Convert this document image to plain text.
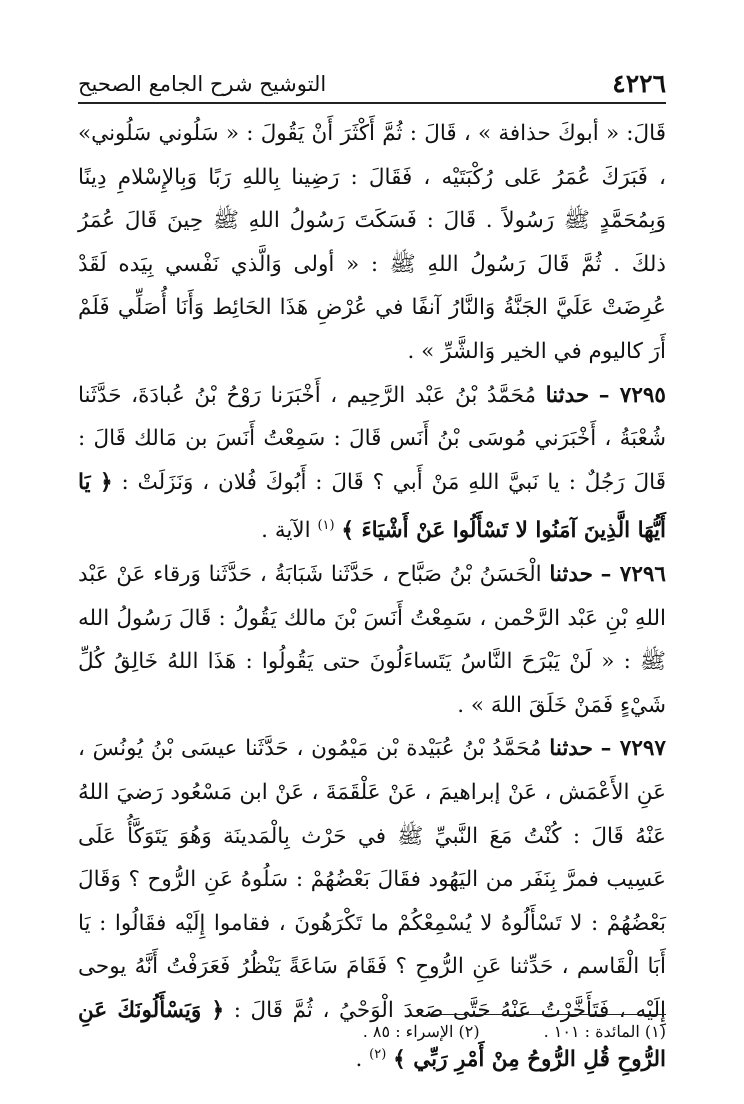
٤٢٢٦
التوشيح شرح الجامع الصحيح

قَالَ: « أبوكَ حذافة » ، قَالَ : ثُمَّ أَكْثَرَ أَنْ يَقُولَ : « سَلُوني سَلُوني» ، فَبَرَكَ عُمَرُ عَلى رُكْبَتَيْه ، فَقَالَ : رَضِينا بِاللهِ رَبًا وَبِالإِسْلامِ دِينًا وَبِمُحَمَّدٍ ﷺ رَسُولاً . قَالَ : فَسَكَتَ رَسُولُ اللهِ ﷺ حِينَ قَالَ عُمَرُ ذلكَ . ثُمَّ قَالَ رَسُولُ اللهِ ﷺ : « أولى وَالَّذي نَفْسي بِيَده لَقَدْ عُرِضَتْ عَلَيَّ الجَنَّةُ وَالنَّارُ آنفًا في عُرْضِ هَذَا الحَائِط وَأَنَا أُصَلِّي فَلَمْ أَرَ كاليوم في الخير وَالشَّرِّ » .

٧٢٩٥ – حدثنا مُحَمَّدُ بْنُ عَبْد الرَّحِيم ، أَخْبَرَنا رَوْحُ بْنُ عُبادَةَ، حَدَّثَنا شُعْبَةُ ، أَخْبَرَني مُوسَى بْنُ أَنَس قَالَ : سَمِعْتُ أَنَسَ بن مَالك قَالَ : قَالَ رَجُلٌ : يا نَبيَّ اللهِ مَنْ أَبي ؟ قَالَ : أَبُوكَ فُلان ، وَنَزَلَتْ : ﴿ يَا أَيُّهَا الَّذِينَ آمَنُوا لا تَسْأَلُوا عَنْ أَشْيَاءَ ﴾ $^{(١)}$ الآية .

٧٢٩٦ – حدثنا الْحَسَنُ بْنُ صَبَّاح ، حَدَّثَنا شَبَابَةُ ، حَدَّثَنا وَرقاء عَنْ عَبْد اللهِ بْنِ عَبْد الرَّحْمن ، سَمِعْتُ أَنَسَ بْنَ مالك يَقُولُ : قَالَ رَسُولُ الله ﷺ : « لَنْ يَبْرَحَ النَّاسُ يَتَساءَلُونَ حتى يَقُولُوا : هَذَا اللهُ خَالِقُ كُلِّ شَيْءٍ فَمَنْ خَلَقَ اللهَ » .

٧٢٩٧ – حدثنا مُحَمَّدُ بْنُ عُبَيْدة بْن مَيْمُون ، حَدَّثَنا عيسَى بْنُ يُونُسَ ، عَنِ الأَعْمَش ، عَنْ إبراهيمَ ، عَنْ عَلْقَمَةَ ، عَنْ ابن مَسْعُود رَضيَ اللهُ عَنْهُ قَالَ : كُنْتُ مَعَ النَّبيِّ ﷺ في حَرْث بِالْمَدينَة وَهُوَ يَتَوَكَّأُ عَلَى عَسِيب فمرَّ بِنَفَر من اليَهُود فقَالَ بَعْضُهُمْ : سَلُوهُ عَنِ الرُّوح ؟ وَقَالَ بَعْضُهُمْ : لا تَسْأَلُوهُ لا يُسْمِعْكُمْ ما تَكْرَهُونَ ، فقاموا إِلَيْه فقَالُوا : يَا أَبَا الْقَاسم ، حَدِّثنا عَنِ الرُّوحِ ؟ فَقَامَ سَاعَةً يَنْظُرُ فَعَرَفْتُ أَنَّهُ يوحى إِلَيْه ، فَتَأَخَّرْتُ عَنْهُ حَتَّى صَعدَ الْوَحْيُ ، ثُمَّ قَالَ : ﴿ وَيَسْأَلُونَكَ عَنِ الرُّوحِ قُلِ الرُّوحُ مِنْ أَمْرِ رَبِّي ﴾ $^{(٢)}$ .

(١) المائدة : ١٠١ .
(٢) الإسراء : ٨٥ .
